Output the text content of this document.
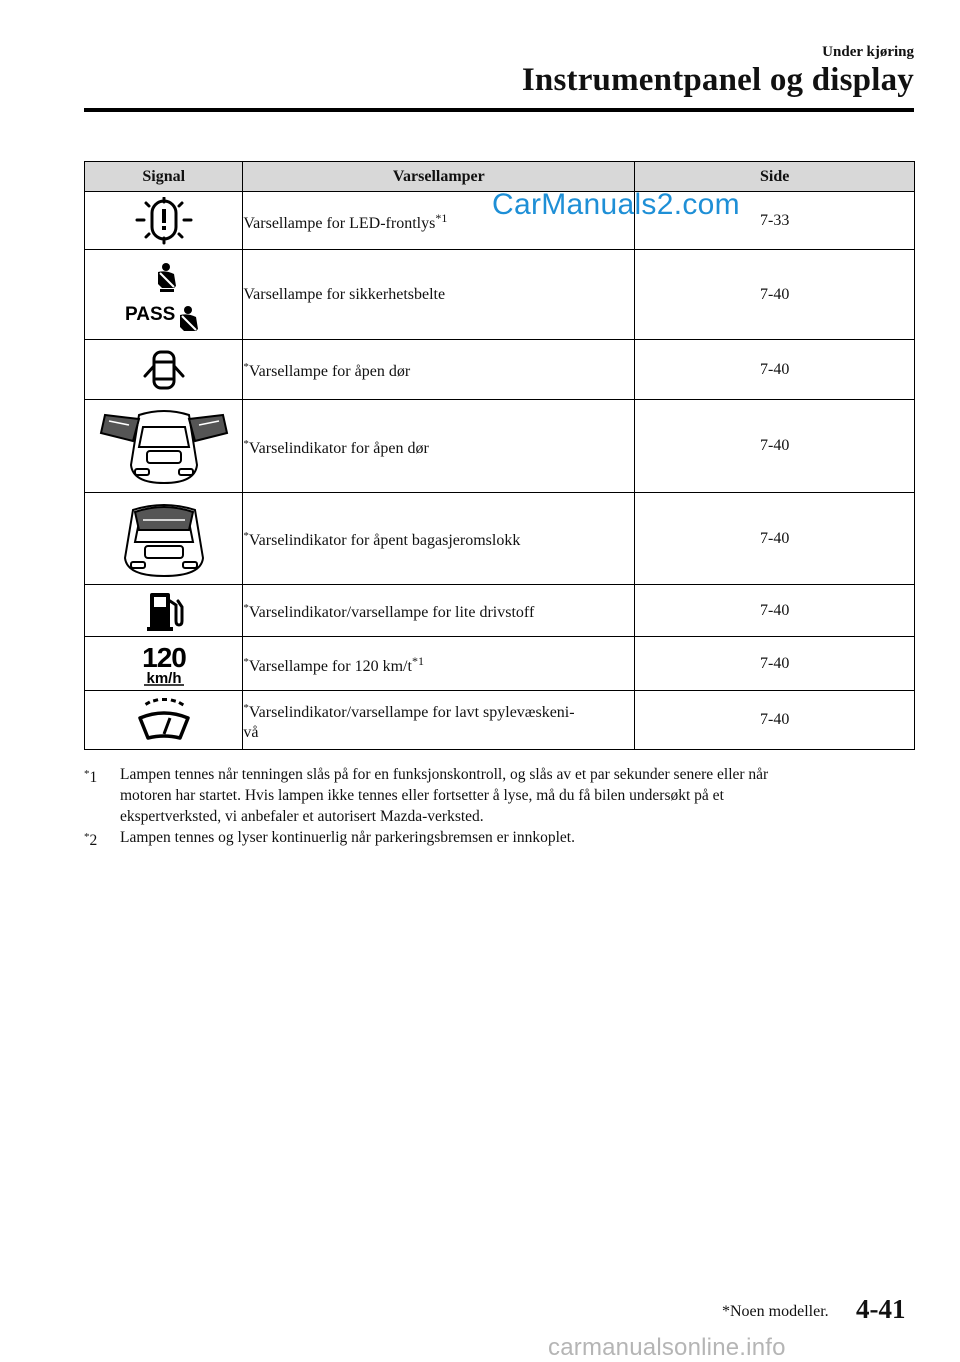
Under kjøring
Instrumentpanel og display
Signal	Varsellamper	Side

	Varsellampe for LED-frontlys$^{*1}$	7-33

PASS	Varsellampe for sikkerhetsbelte	7-40

	*Varsellampe for åpen dør	7-40

	*Varselindikator for åpen dør	7-40

	*Varselindikator for åpent bagasjeromslokk	7-40

	*Varselindikator/varsellampe for lite drivstoff	7-40

120
km/h	*Varsellampe for 120 $km/t^{*1}$	7-40

	*Varselindikator/varsellampe for lavt spylevæskeni-
vå	7-40
CarManuals2.com
*1 Lampen tennes når tenningen slås på for en funksjonskontroll, og slås av et par sekunder senere eller når
motoren har startet. Hvis lampen ikke tennes eller fortsetter å lyse, må du få bilen undersøkt på et
ekspertverksted, vi anbefaler et autorisert Mazda-verksted.
*2 Lampen tennes og lyser kontinuerlig når parkeringsbremsen er innkoplet.
*Noen modeller. 4-41
carmanualsonline.info
